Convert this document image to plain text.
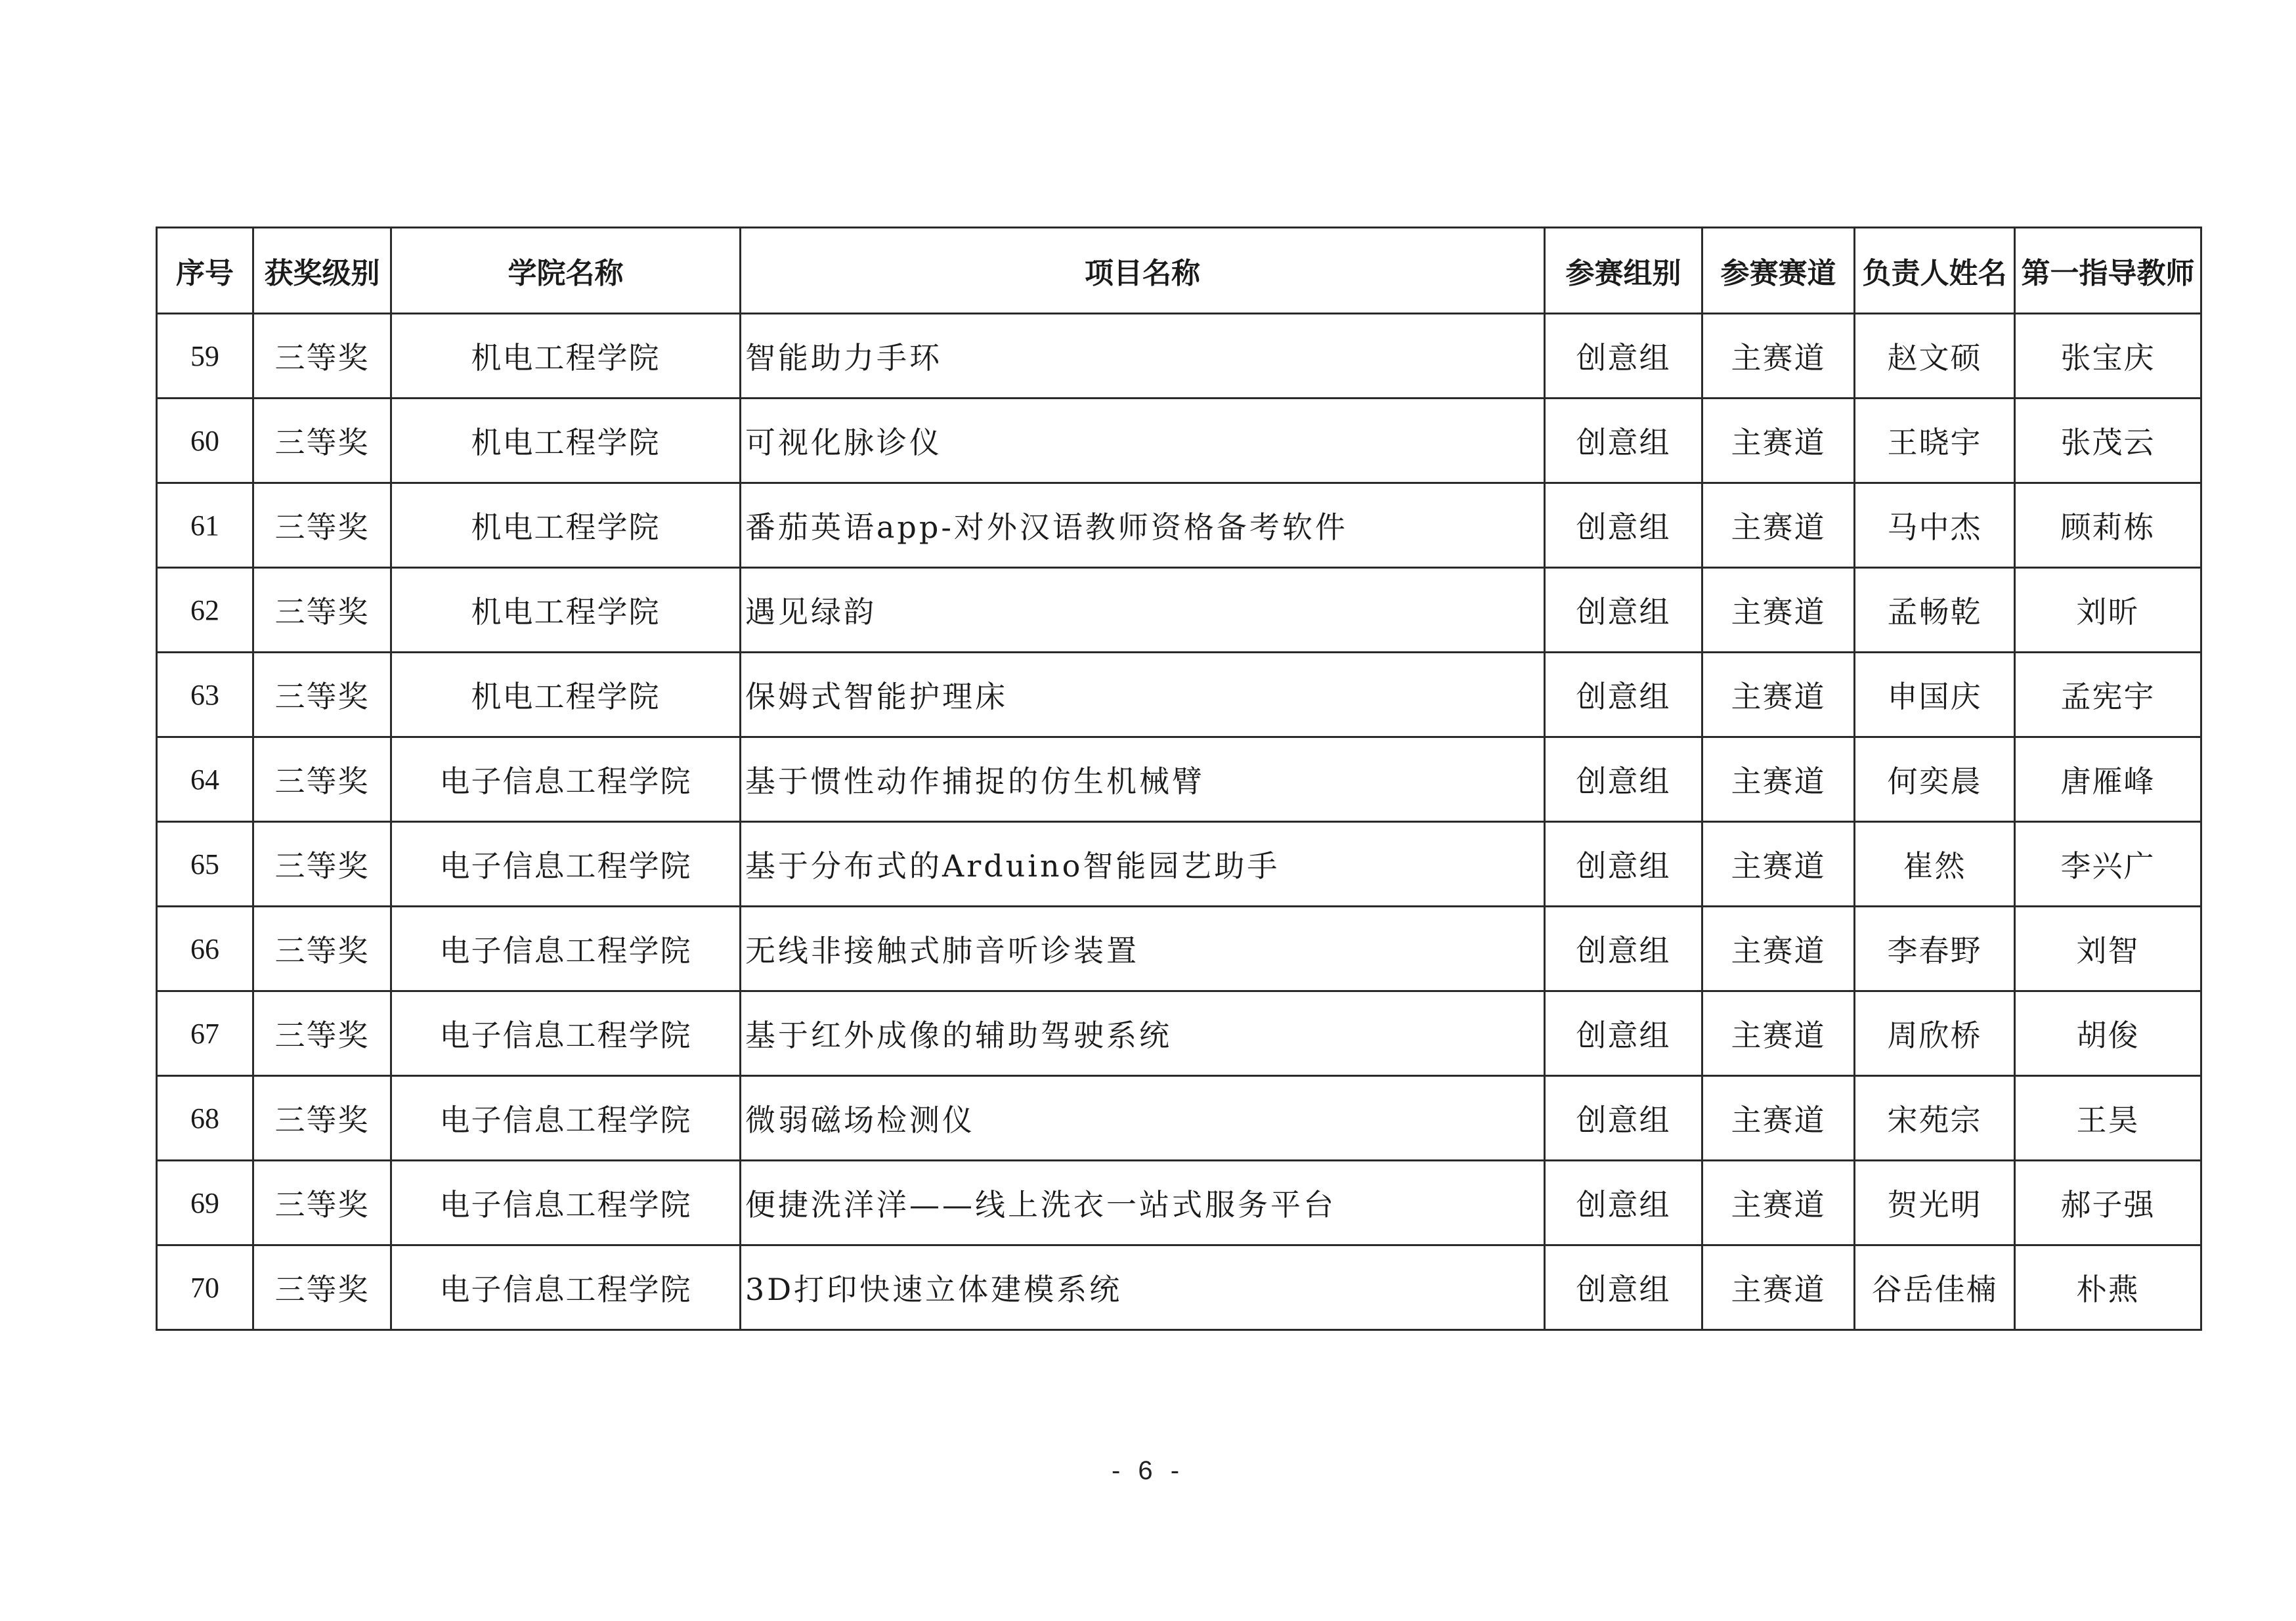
序号	获奖级别	学院名称	项目名称	参赛组别	参赛赛道	负责人姓名	第一指导教师
59	三等奖	机电工程学院	智能助力手环	创意组	主赛道	赵文硕	张宝庆
60	三等奖	机电工程学院	可视化脉诊仪	创意组	主赛道	王晓宇	张茂云
61	三等奖	机电工程学院	番茄英语app-对外汉语教师资格备考软件	创意组	主赛道	马中杰	顾莉栋
62	三等奖	机电工程学院	遇见绿韵	创意组	主赛道	孟畅乾	刘昕
63	三等奖	机电工程学院	保姆式智能护理床	创意组	主赛道	申国庆	孟宪宇
64	三等奖	电子信息工程学院	基于惯性动作捕捉的仿生机械臂	创意组	主赛道	何奕晨	唐雁峰
65	三等奖	电子信息工程学院	基于分布式的Arduino智能园艺助手	创意组	主赛道	崔然	李兴广
66	三等奖	电子信息工程学院	无线非接触式肺音听诊装置	创意组	主赛道	李春野	刘智
67	三等奖	电子信息工程学院	基于红外成像的辅助驾驶系统	创意组	主赛道	周欣桥	胡俊
68	三等奖	电子信息工程学院	微弱磁场检测仪	创意组	主赛道	宋苑宗	王昊
69	三等奖	电子信息工程学院	便捷洗洋洋——线上洗衣一站式服务平台	创意组	主赛道	贺光明	郝子强
70	三等奖	电子信息工程学院	3D打印快速立体建模系统	创意组	主赛道	谷岳佳楠	朴燕
- 6 -
